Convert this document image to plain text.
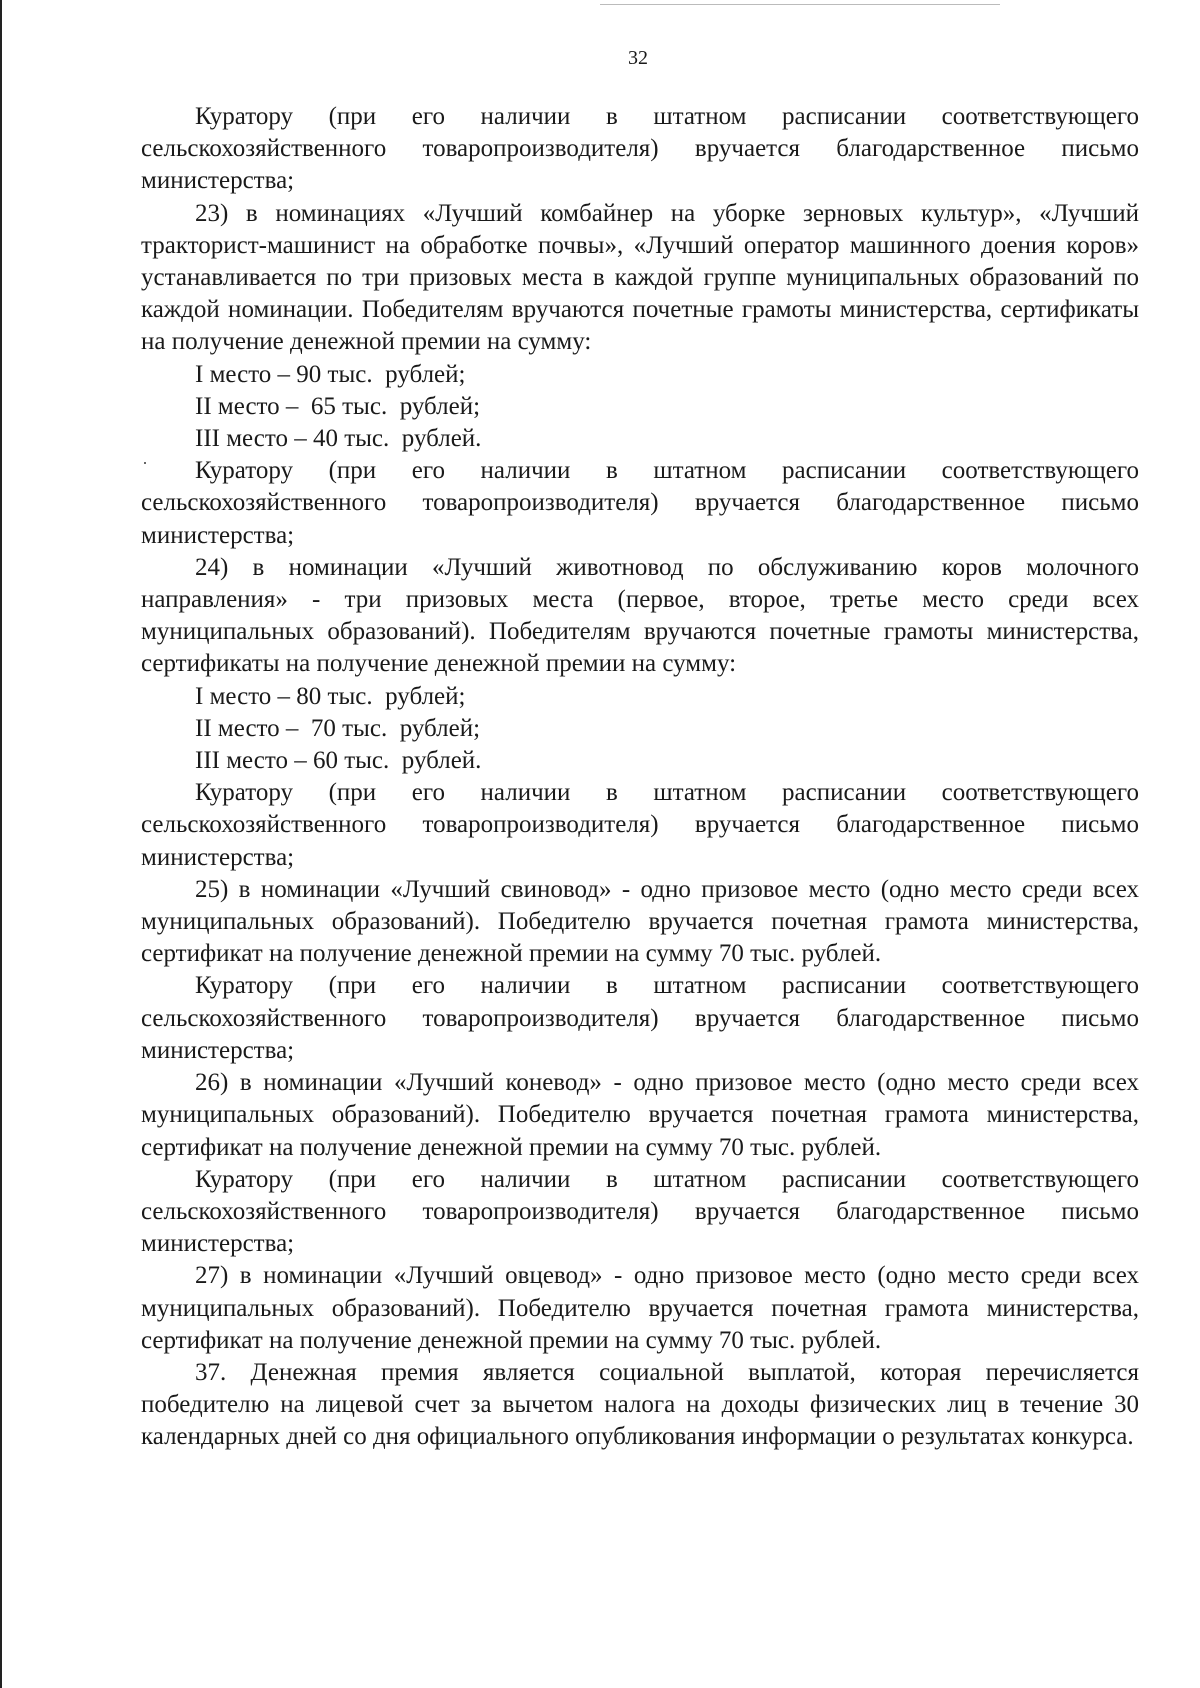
32

Куратору (при его наличии в штатном расписании соответствующего сельскохозяйственного товаропроизводителя) вручается благодарственное письмо министерства;

23) в номинациях «Лучший комбайнер на уборке зерновых культур», «Лучший тракторист-машинист на обработке почвы», «Лучший оператор машинного доения коров» устанавливается по три призовых места в каждой группе муниципальных образований по каждой номинации. Победителям вручаются почетные грамоты министерства, сертификаты на получение денежной премии на сумму:

I место – 90 тыс.  рублей;

II место –  65 тыс.  рублей;

III место – 40 тыс.  рублей.

Куратору (при его наличии в штатном расписании соответствующего сельскохозяйственного товаропроизводителя) вручается благодарственное письмо министерства;

24) в номинации «Лучший животновод по обслуживанию коров молочного направления» - три призовых места (первое, второе, третье место среди всех муниципальных образований). Победителям вручаются почетные грамоты министерства, сертификаты на получение денежной премии на сумму:

I место – 80 тыс.  рублей;

II место –  70 тыс.  рублей;

III место – 60 тыс.  рублей.

Куратору (при его наличии в штатном расписании соответствующего сельскохозяйственного товаропроизводителя) вручается благодарственное письмо министерства;

25) в номинации «Лучший свиновод» - одно призовое место (одно место среди всех муниципальных образований). Победителю вручается почетная грамота министерства, сертификат на получение денежной премии на сумму 70 тыс. рублей.

Куратору (при его наличии в штатном расписании соответствующего сельскохозяйственного товаропроизводителя) вручается благодарственное письмо министерства;

26) в номинации «Лучший коневод» - одно призовое место (одно место среди всех муниципальных образований). Победителю вручается почетная грамота министерства, сертификат на получение денежной премии на сумму 70 тыс. рублей.

Куратору (при его наличии в штатном расписании соответствующего сельскохозяйственного товаропроизводителя) вручается благодарственное письмо министерства;

27) в номинации «Лучший овцевод» - одно призовое место (одно место среди всех муниципальных образований). Победителю вручается почетная грамота министерства, сертификат на получение денежной премии на сумму 70 тыс. рублей.

37. Денежная премия является социальной выплатой, которая перечисляется победителю на лицевой счет за вычетом налога на доходы физических лиц в течение 30 календарных дней со дня официального опубликования информации о результатах конкурса.
